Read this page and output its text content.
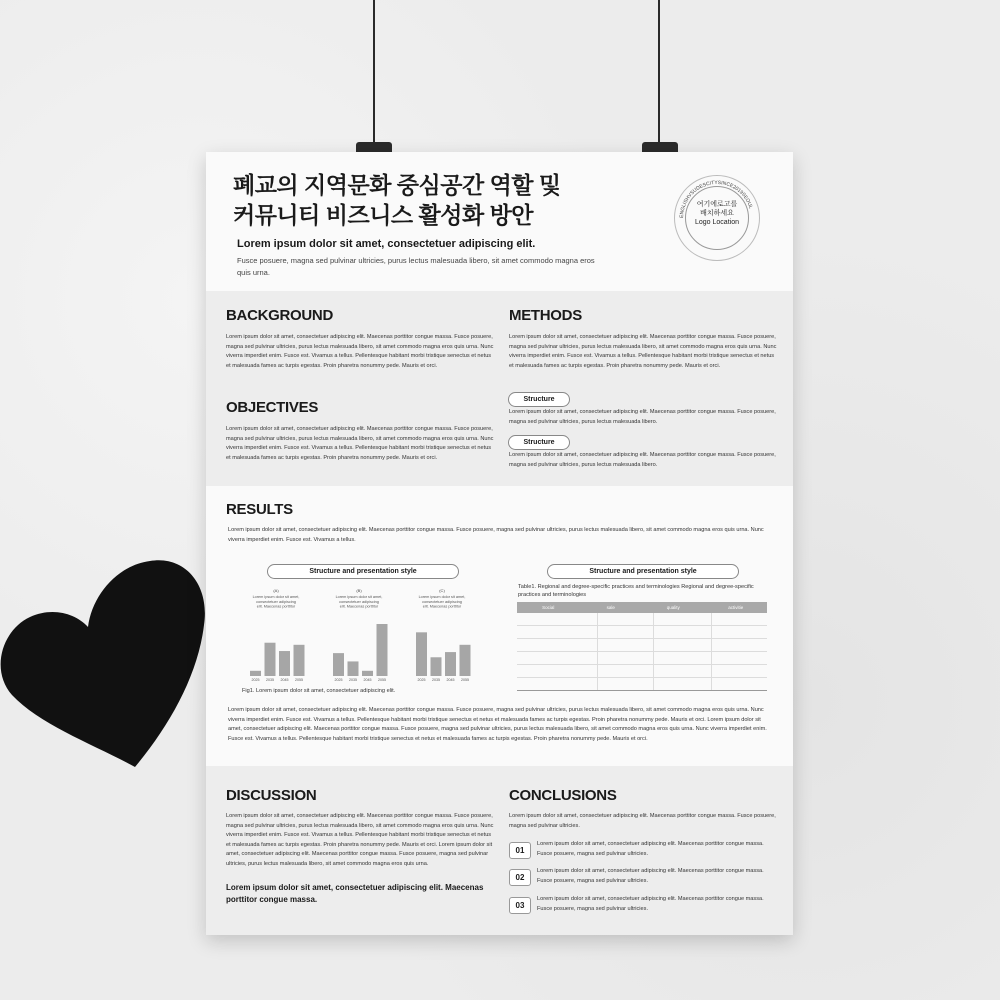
폐교의 지역문화 중심공간 역할 및
커뮤니티 비즈니스 활성화 방안
Lorem ipsum dolor sit amet, consectetuer adipiscing elit.
Fusce posuere, magna sed pulvinar ultricies, purus lectus malesuada libero, sit amet commodo magna eros quis urna.
ENGLISHVSUDESCITYSINCE2019SEOUL
여기에로고를
배치하세요
Logo Location
BACKGROUND
Lorem ipsum dolor sit amet, consectetuer adipiscing elit. Maecenas porttitor congue massa. Fusce posuere, magna sed pulvinar ultricies, purus lectus malesuada libero, sit amet commodo magna eros quis urna. Nunc viverra imperdiet enim. Fusce est. Vivamus a tellus. Pellentesque habitant morbi tristique senectus et netus et malesuada fames ac turpis egestas. Proin pharetra nonummy pede. Mauris et orci.
OBJECTIVES
Lorem ipsum dolor sit amet, consectetuer adipiscing elit. Maecenas porttitor congue massa. Fusce posuere, magna sed pulvinar ultricies, purus lectus malesuada libero, sit amet commodo magna eros quis urna. Nunc viverra imperdiet enim. Fusce est. Vivamus a tellus. Pellentesque habitant morbi tristique senectus et netus et malesuada fames ac turpis egestas. Proin pharetra nonummy pede. Mauris et orci.
METHODS
Lorem ipsum dolor sit amet, consectetuer adipiscing elit. Maecenas porttitor congue massa. Fusce posuere, magna sed pulvinar ultricies, purus lectus malesuada libero, sit amet commodo magna eros quis urna. Nunc viverra imperdiet enim. Fusce est. Vivamus a tellus. Pellentesque habitant morbi tristique senectus et netus et malesuada fames ac turpis egestas. Proin pharetra nonummy pede. Mauris et orci.
Structure
Lorem ipsum dolor sit amet, consectetuer adipiscing elit. Maecenas porttitor congue massa. Fusce posuere, magna sed pulvinar ultricies, purus lectus malesuada libero.
Structure
Lorem ipsum dolor sit amet, consectetuer adipiscing elit. Maecenas porttitor congue massa. Fusce posuere, magna sed pulvinar ultricies, purus lectus malesuada libero.
RESULTS
Lorem ipsum dolor sit amet, consectetuer adipiscing elit. Maecenas porttitor congue massa. Fusce posuere, magna sed pulvinar ultricies, purus lectus malesuada libero, sit amet commodo magna eros quis urna. Nunc viverra imperdiet enim. Fusce est. Vivamus a tellus.
Structure and presentation style	Structure and presentation style
(A)
Lorem ipsum dolor sit amet,
consectetuer adipiscing
elit. Maecenas porttitor
2025 2035 2045 2055
(B)
Lorem ipsum dolor sit amet,
consectetuer adipiscing
elit. Maecenas porttitor
2025 2035 2045 2055
(C)
Lorem ipsum dolor sit amet,
consectetuer adipiscing
elit. Maecenas porttitor
2025 2035 2045 2055
Fig1. Lorem ipsum dolor sit amet, consectetuer adipiscing elit.
Table1. Regional and degree-specific practices and terminologies Regional and degree-specific practices and terminologies
Social	sale	quality	activitie
Lorem ipsum dolor sit amet, consectetuer adipiscing elit. Maecenas porttitor congue massa. Fusce posuere, magna sed pulvinar ultricies, purus lectus malesuada libero, sit amet commodo magna eros quis urna. Nunc viverra imperdiet enim. Fusce est. Vivamus a tellus. Pellentesque habitant morbi tristique senectus et netus et malesuada fames ac turpis egestas. Proin pharetra nonummy pede. Mauris et orci. Lorem ipsum dolor sit amet, consectetuer adipiscing elit. Maecenas porttitor congue massa. Fusce posuere, magna sed pulvinar ultricies, purus lectus malesuada libero, sit amet commodo magna eros quis urna. Nunc viverra imperdiet enim. Fusce est. Vivamus a tellus. Pellentesque habitant morbi tristique senectus et netus et malesuada fames ac turpis egestas. Proin pharetra nonummy pede. Mauris et orci.
DISCUSSION
Lorem ipsum dolor sit amet, consectetuer adipiscing elit. Maecenas porttitor congue massa. Fusce posuere, magna sed pulvinar ultricies, purus lectus malesuada libero, sit amet commodo magna eros quis urna. Nunc viverra imperdiet enim. Fusce est. Vivamus a tellus. Pellentesque habitant morbi tristique senectus et netus et malesuada fames ac turpis egestas. Proin pharetra nonummy pede. Mauris et orci. Lorem ipsum dolor sit amet, consectetuer adipiscing elit. Maecenas porttitor congue massa. Fusce posuere, magna sed pulvinar ultricies, purus lectus malesuada libero, sit amet commodo magna eros quis urna.
Lorem ipsum dolor sit amet, consectetuer adipiscing elit. Maecenas porttitor congue massa.
CONCLUSIONS
Lorem ipsum dolor sit amet, consectetuer adipiscing elit. Maecenas porttitor congue massa. Fusce posuere, magna sed pulvinar ultricies.
01
Lorem ipsum dolor sit amet, consectetuer adipiscing elit. Maecenas porttitor congue massa. Fusce posuere, magna sed pulvinar ultricies.
02
Lorem ipsum dolor sit amet, consectetuer adipiscing elit. Maecenas porttitor congue massa. Fusce posuere, magna sed pulvinar ultricies.
03
Lorem ipsum dolor sit amet, consectetuer adipiscing elit. Maecenas porttitor congue massa. Fusce posuere, magna sed pulvinar ultricies.
